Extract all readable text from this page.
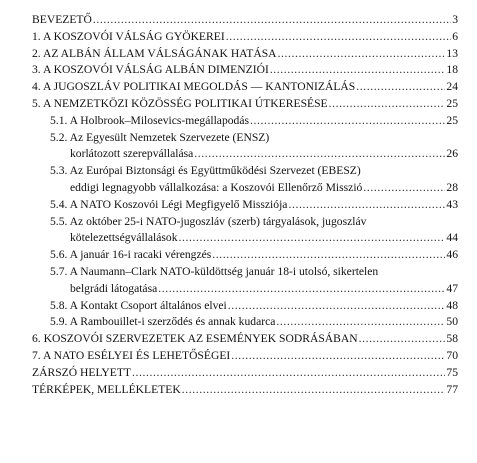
BEVEZETŐ .....	3
1. A KOSZOVÓI VÁLSÁG GYÖKEREI .....	6
2. AZ ALBÁN ÁLLAM VÁLSÁGÁNAK HATÁSA .....	13
3. A KOSZOVÓI VÁLSÁG ALBÁN DIMENZIÓI .....	18
4. A JUGOSZLÁV POLITIKAI MEGOLDÁS — KANTONIZÁLÁS .....	24
5. A NEMZETKÖZI KÖZÖSSÉG POLITIKAI ÚTKERESÉSE .....	25
5.1. A Holbrook–Milosevics-megállapodás .....	25
5.2. Az Egyesült Nemzetek Szervezete (ENSZ)
korlátozott szerepvállalása .....	26
5.3. Az Európai Biztonsági és Együttműködési Szervezet (EBESZ)
eddigi legnagyobb vállalkozása: a Koszovói Ellenőrző Misszió .....	28
5.4. A NATO Koszovói Légi Megfigyelő Missziója .....	43
5.5. Az október 25-i NATO-jugoszláv (szerb) tárgyalások, jugoszláv
kötelezettségvállalások .....	44
5.6. A január 16-i racaki vérengzés .....	46
5.7. A Naumann–Clark NATO-küldöttség január 18-i utolsó, sikertelen
belgrádi látogatása .....	47
5.8. A Kontakt Csoport általános elvei .....	48
5.9. A Rambouillet-i szerződés és annak kudarca .....	50
6. KOSZOVÓI SZERVEZETEK AZ ESEMÉNYEK SODRÁSÁBAN .....	58
7. A NATO ESÉLYEI ÉS LEHETŐSÉGEI .....	70
ZÁRSZÓ HELYETT .....	75
TÉRKÉPEK, MELLÉKLETEK .....	77
